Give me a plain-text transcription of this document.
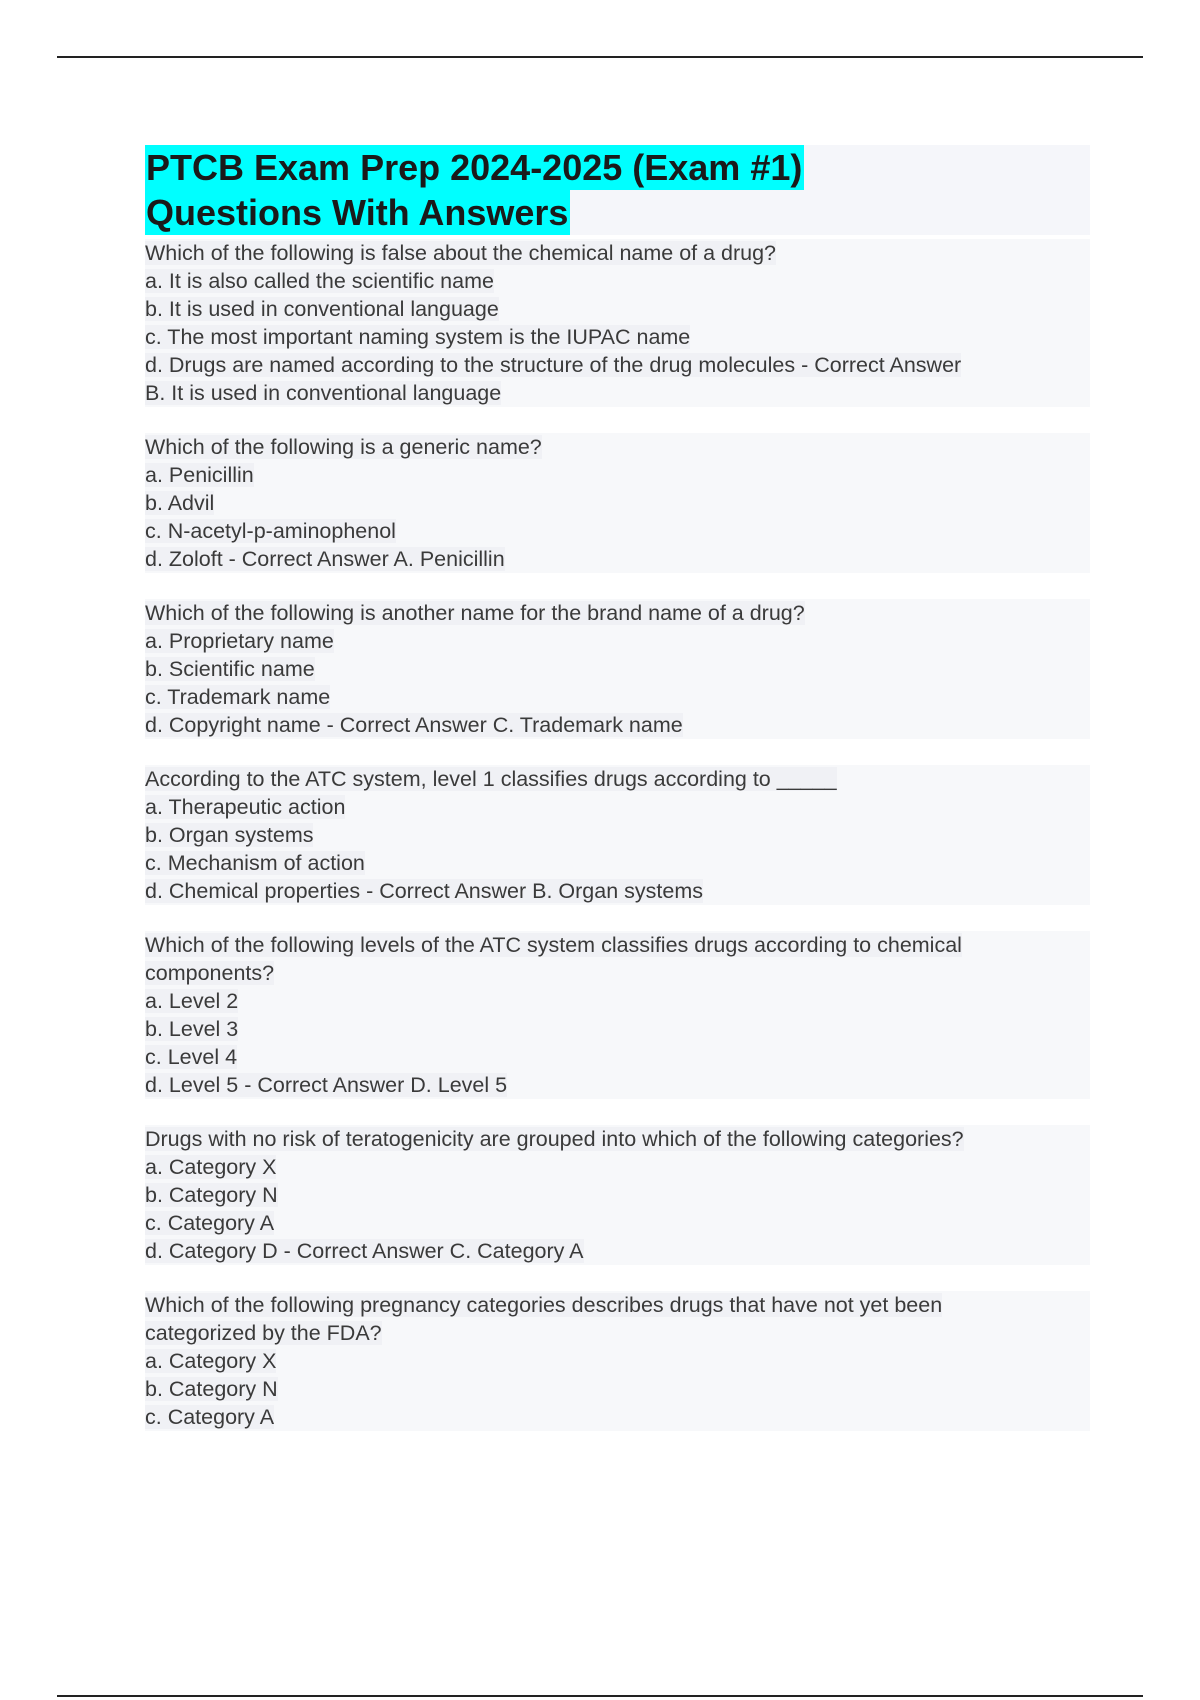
PTCB Exam Prep 2024-2025 (Exam #1)
Questions With Answers
Which of the following is false about the chemical name of a drug?
a. It is also called the scientific name
b. It is used in conventional language
c. The most important naming system is the IUPAC name
d. Drugs are named according to the structure of the drug molecules - Correct Answer
B. It is used in conventional language
Which of the following is a generic name?
a. Penicillin
b. Advil
c. N-acetyl-p-aminophenol
d. Zoloft - Correct Answer A. Penicillin
Which of the following is another name for the brand name of a drug?
a. Proprietary name
b. Scientific name
c. Trademark name
d. Copyright name - Correct Answer C. Trademark name
According to the ATC system, level 1 classifies drugs according to _____
a. Therapeutic action
b. Organ systems
c. Mechanism of action
d. Chemical properties - Correct Answer B. Organ systems
Which of the following levels of the ATC system classifies drugs according to chemical
components?
a. Level 2
b. Level 3
c. Level 4
d. Level 5 - Correct Answer D. Level 5
Drugs with no risk of teratogenicity are grouped into which of the following categories?
a. Category X
b. Category N
c. Category A
d. Category D - Correct Answer C. Category A
Which of the following pregnancy categories describes drugs that have not yet been
categorized by the FDA?
a. Category X
b. Category N
c. Category A
